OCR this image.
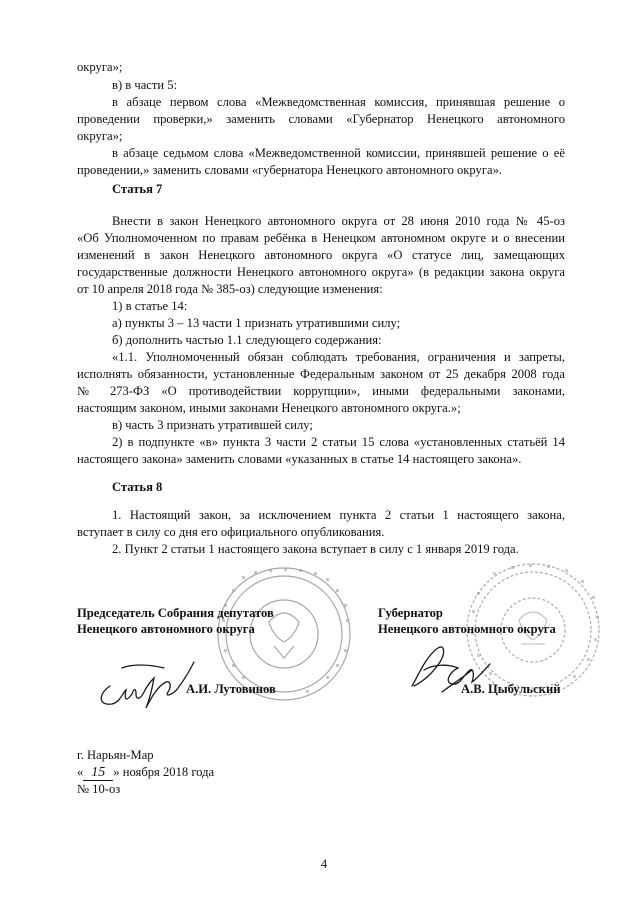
округа»;

в) в части 5:

в абзаце первом слова «Межведомственная комиссия, принявшая решение о

проведении проверки,» заменить словами «Губернатор Ненецкого автономного

округа»;

в абзаце седьмом слова «Межведомственной комиссии, принявшей решение о её

проведении,» заменить словами «губернатора Ненецкого автономного округа».

Статья 7

Внести в закон Ненецкого автономного округа от 28 июня 2010 года № 45-оз

«Об Уполномоченном по правам ребёнка в Ненецком автономном округе и о внесении

изменений в закон Ненецкого автономного округа «О статусе лиц, замещающих

государственные должности Ненецкого автономного округа» (в редакции закона округа

от 10 апреля 2018 года № 385-оз) следующие изменения:

1) в статье 14:

а) пункты 3 – 13 части 1 признать утратившими силу;

б) дополнить частью 1.1 следующего содержания:

«1.1. Уполномоченный обязан соблюдать требования, ограничения и запреты,

исполнять обязанности, установленные Федеральным законом от 25 декабря 2008 года

№ 273-ФЗ «О противодействии коррупции», иными федеральными законами,

настоящим законом, иными законами Ненецкого автономного округа.»;

в) часть 3 признать утратившей силу;

2) в подпункте «в» пункта 3 части 2 статьи 15 слова «установленных статьёй 14

настоящего закона» заменить словами «указанных в статье 14 настоящего закона».

Статья 8

1. Настоящий закон, за исключением пункта 2 статьи 1 настоящего закона,

вступает в силу со дня его официального опубликования.

2. Пункт 2 статьи 1 настоящего закона вступает в силу с 1 января 2019 года.

Председатель Собрания депутатов

Ненецкого автономного округа

Губернатор

Ненецкого автономного округа

А.И. Лутовинов	А.В. Цыбульский

г. Нарьян-Мар

« 15 » ноября 2018 года

№ 10-оз

4
